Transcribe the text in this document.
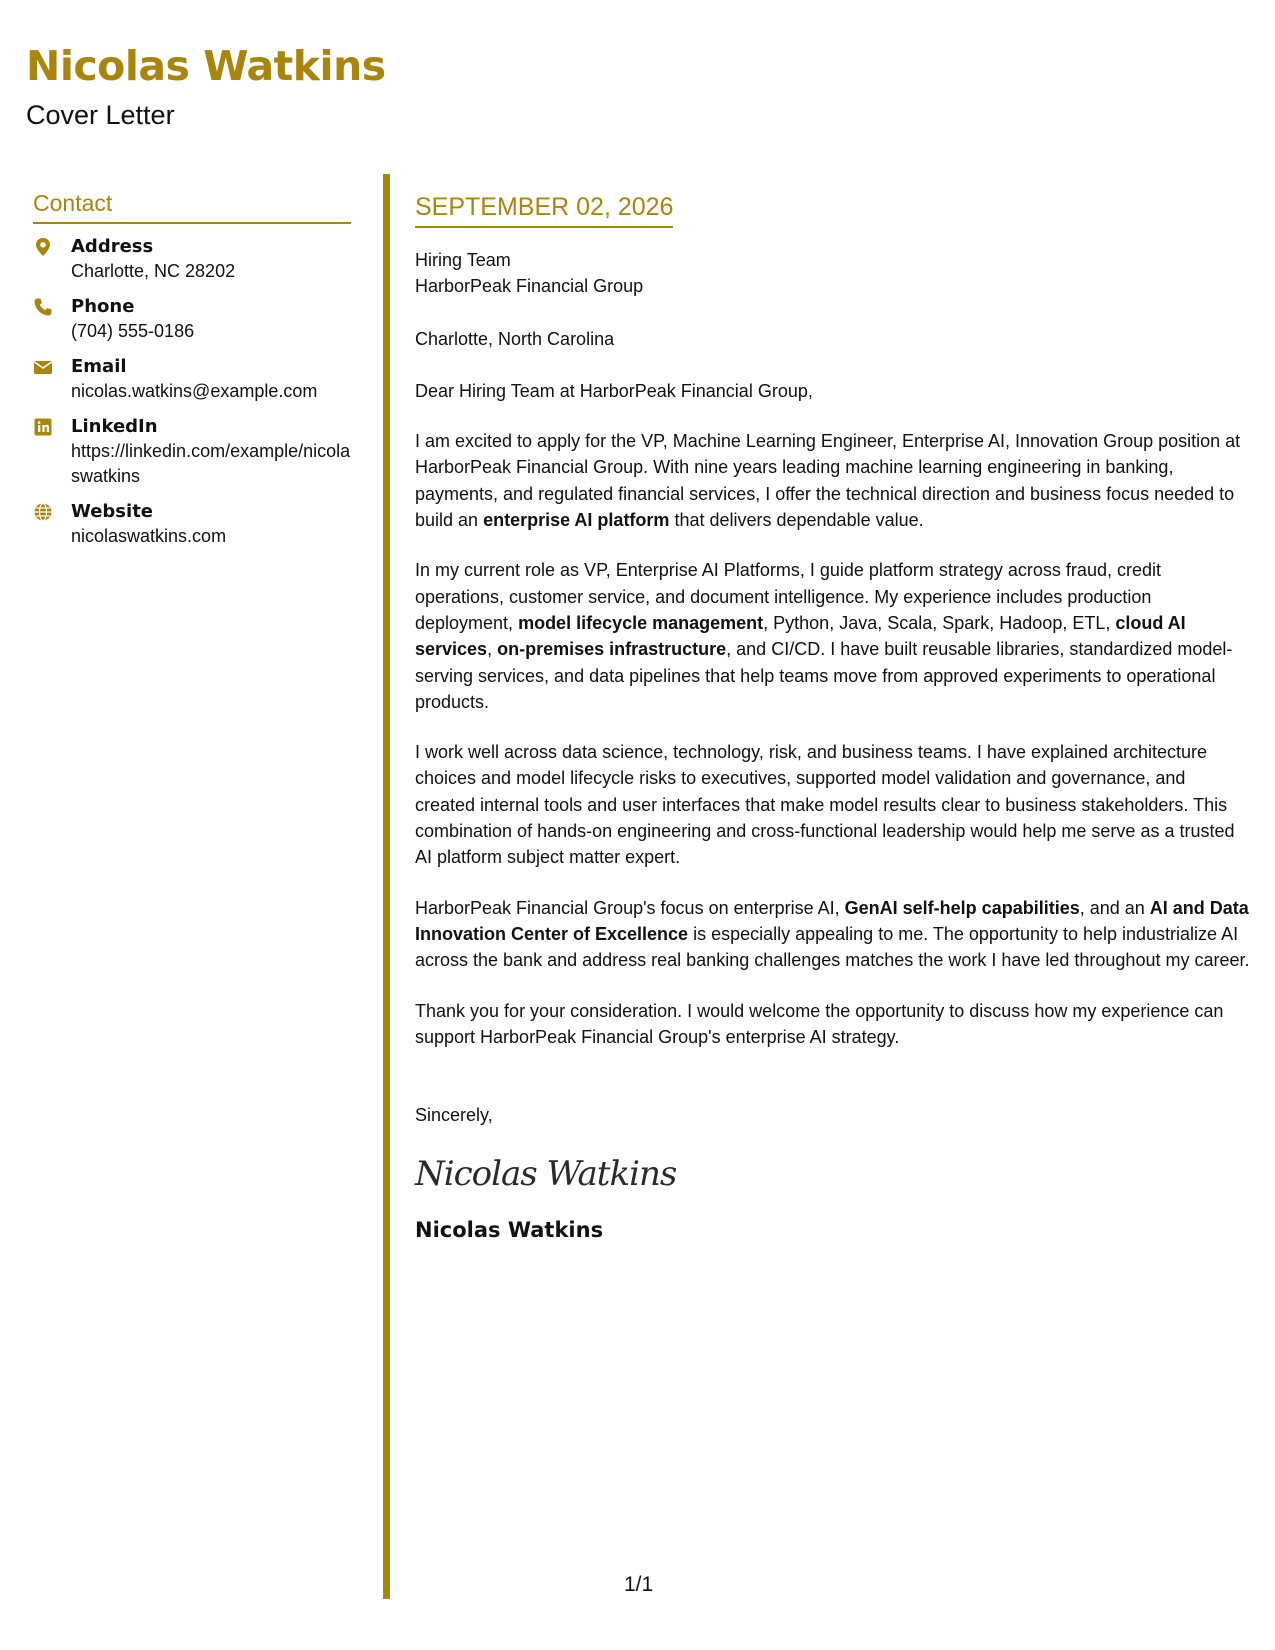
Nicolas Watkins
Cover Letter
Contact
Address
Charlotte, NC 28202
Phone
(704) 555-0186
Email
nicolas.watkins@example.com
LinkedIn
https://linkedin.com/example/nicolaswatkins
Website
nicolaswatkins.com
SEPTEMBER 02, 2026
Hiring Team
HarborPeak Financial Group
Charlotte, North Carolina

Dear Hiring Team at HarborPeak Financial Group,

I am excited to apply for the VP, Machine Learning Engineer, Enterprise AI, Innovation Group position at HarborPeak Financial Group. With nine years leading machine learning engineering in banking, payments, and regulated financial services, I offer the technical direction and business focus needed to build an enterprise AI platform that delivers dependable value.

In my current role as VP, Enterprise AI Platforms, I guide platform strategy across fraud, credit operations, customer service, and document intelligence. My experience includes production deployment, model lifecycle management, Python, Java, Scala, Spark, Hadoop, ETL, cloud AI services, on-premises infrastructure, and CI/CD. I have built reusable libraries, standardized model-serving services, and data pipelines that help teams move from approved experiments to operational products.

I work well across data science, technology, risk, and business teams. I have explained architecture choices and model lifecycle risks to executives, supported model validation and governance, and created internal tools and user interfaces that make model results clear to business stakeholders. This combination of hands-on engineering and cross-functional leadership would help me serve as a trusted AI platform subject matter expert.

HarborPeak Financial Group's focus on enterprise AI, GenAI self-help capabilities, and an AI and Data Innovation Center of Excellence is especially appealing to me. The opportunity to help industrialize AI across the bank and address real banking challenges matches the work I have led throughout my career.

Thank you for your consideration. I would welcome the opportunity to discuss how my experience can support HarborPeak Financial Group's enterprise AI strategy.

Sincerely,

Nicolas Watkins
Nicolas Watkins
1/1
